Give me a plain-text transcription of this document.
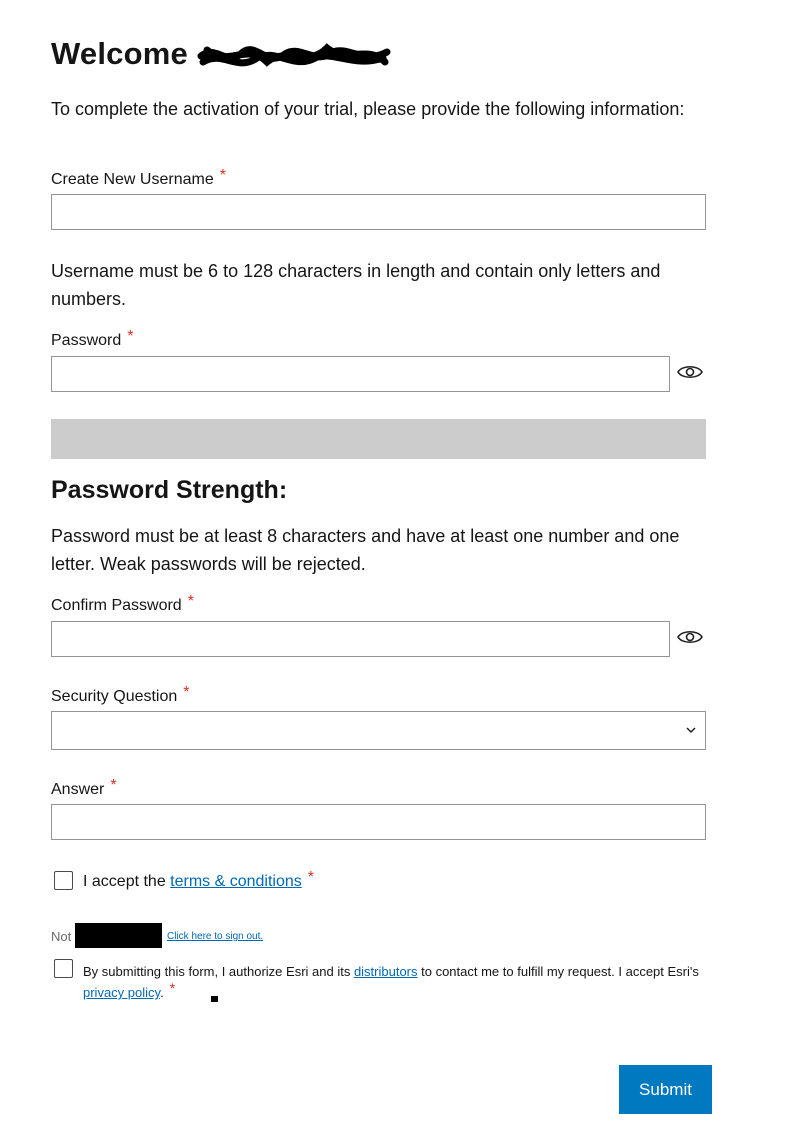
Welcome

To complete the activation of your trial, please provide the following information:

Create New Username *

Username must be 6 to 128 characters in length and contain only letters and numbers.

Password *
Password Strength:

Password must be at least 8 characters and have at least one number and one letter. Weak passwords will be rejected.

Confirm Password *
Security Question *
Answer *
I accept the terms & conditions *
Not	Click here to sign out.
By submitting this form, I authorize Esri and its distributors to contact me to fulfill my request. I accept Esri's privacy policy. *
Submit
